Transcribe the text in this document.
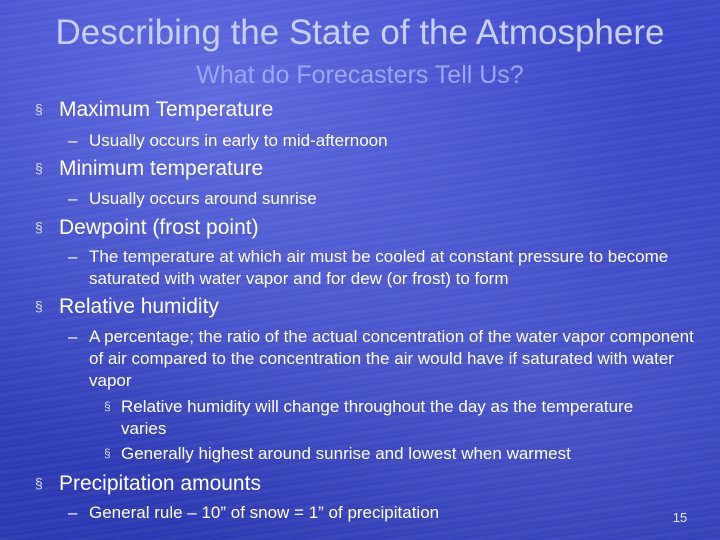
Describing the State of the Atmosphere
What do Forecasters Tell Us?
§ Maximum Temperature
– Usually occurs in early to mid-afternoon
§ Minimum temperature
– Usually occurs around sunrise
§ Dewpoint (frost point)
– The temperature at which air must be cooled at constant pressure to become saturated with water vapor and for dew (or frost) to form
§ Relative humidity
– A percentage; the ratio of the actual concentration of the water vapor component of air compared to the concentration the air would have if saturated with water vapor
§ Relative humidity will change throughout the day as the temperature varies
§ Generally highest around sunrise and lowest when warmest
§ Precipitation amounts
– General rule – 10” of snow = 1” of precipitation	15
